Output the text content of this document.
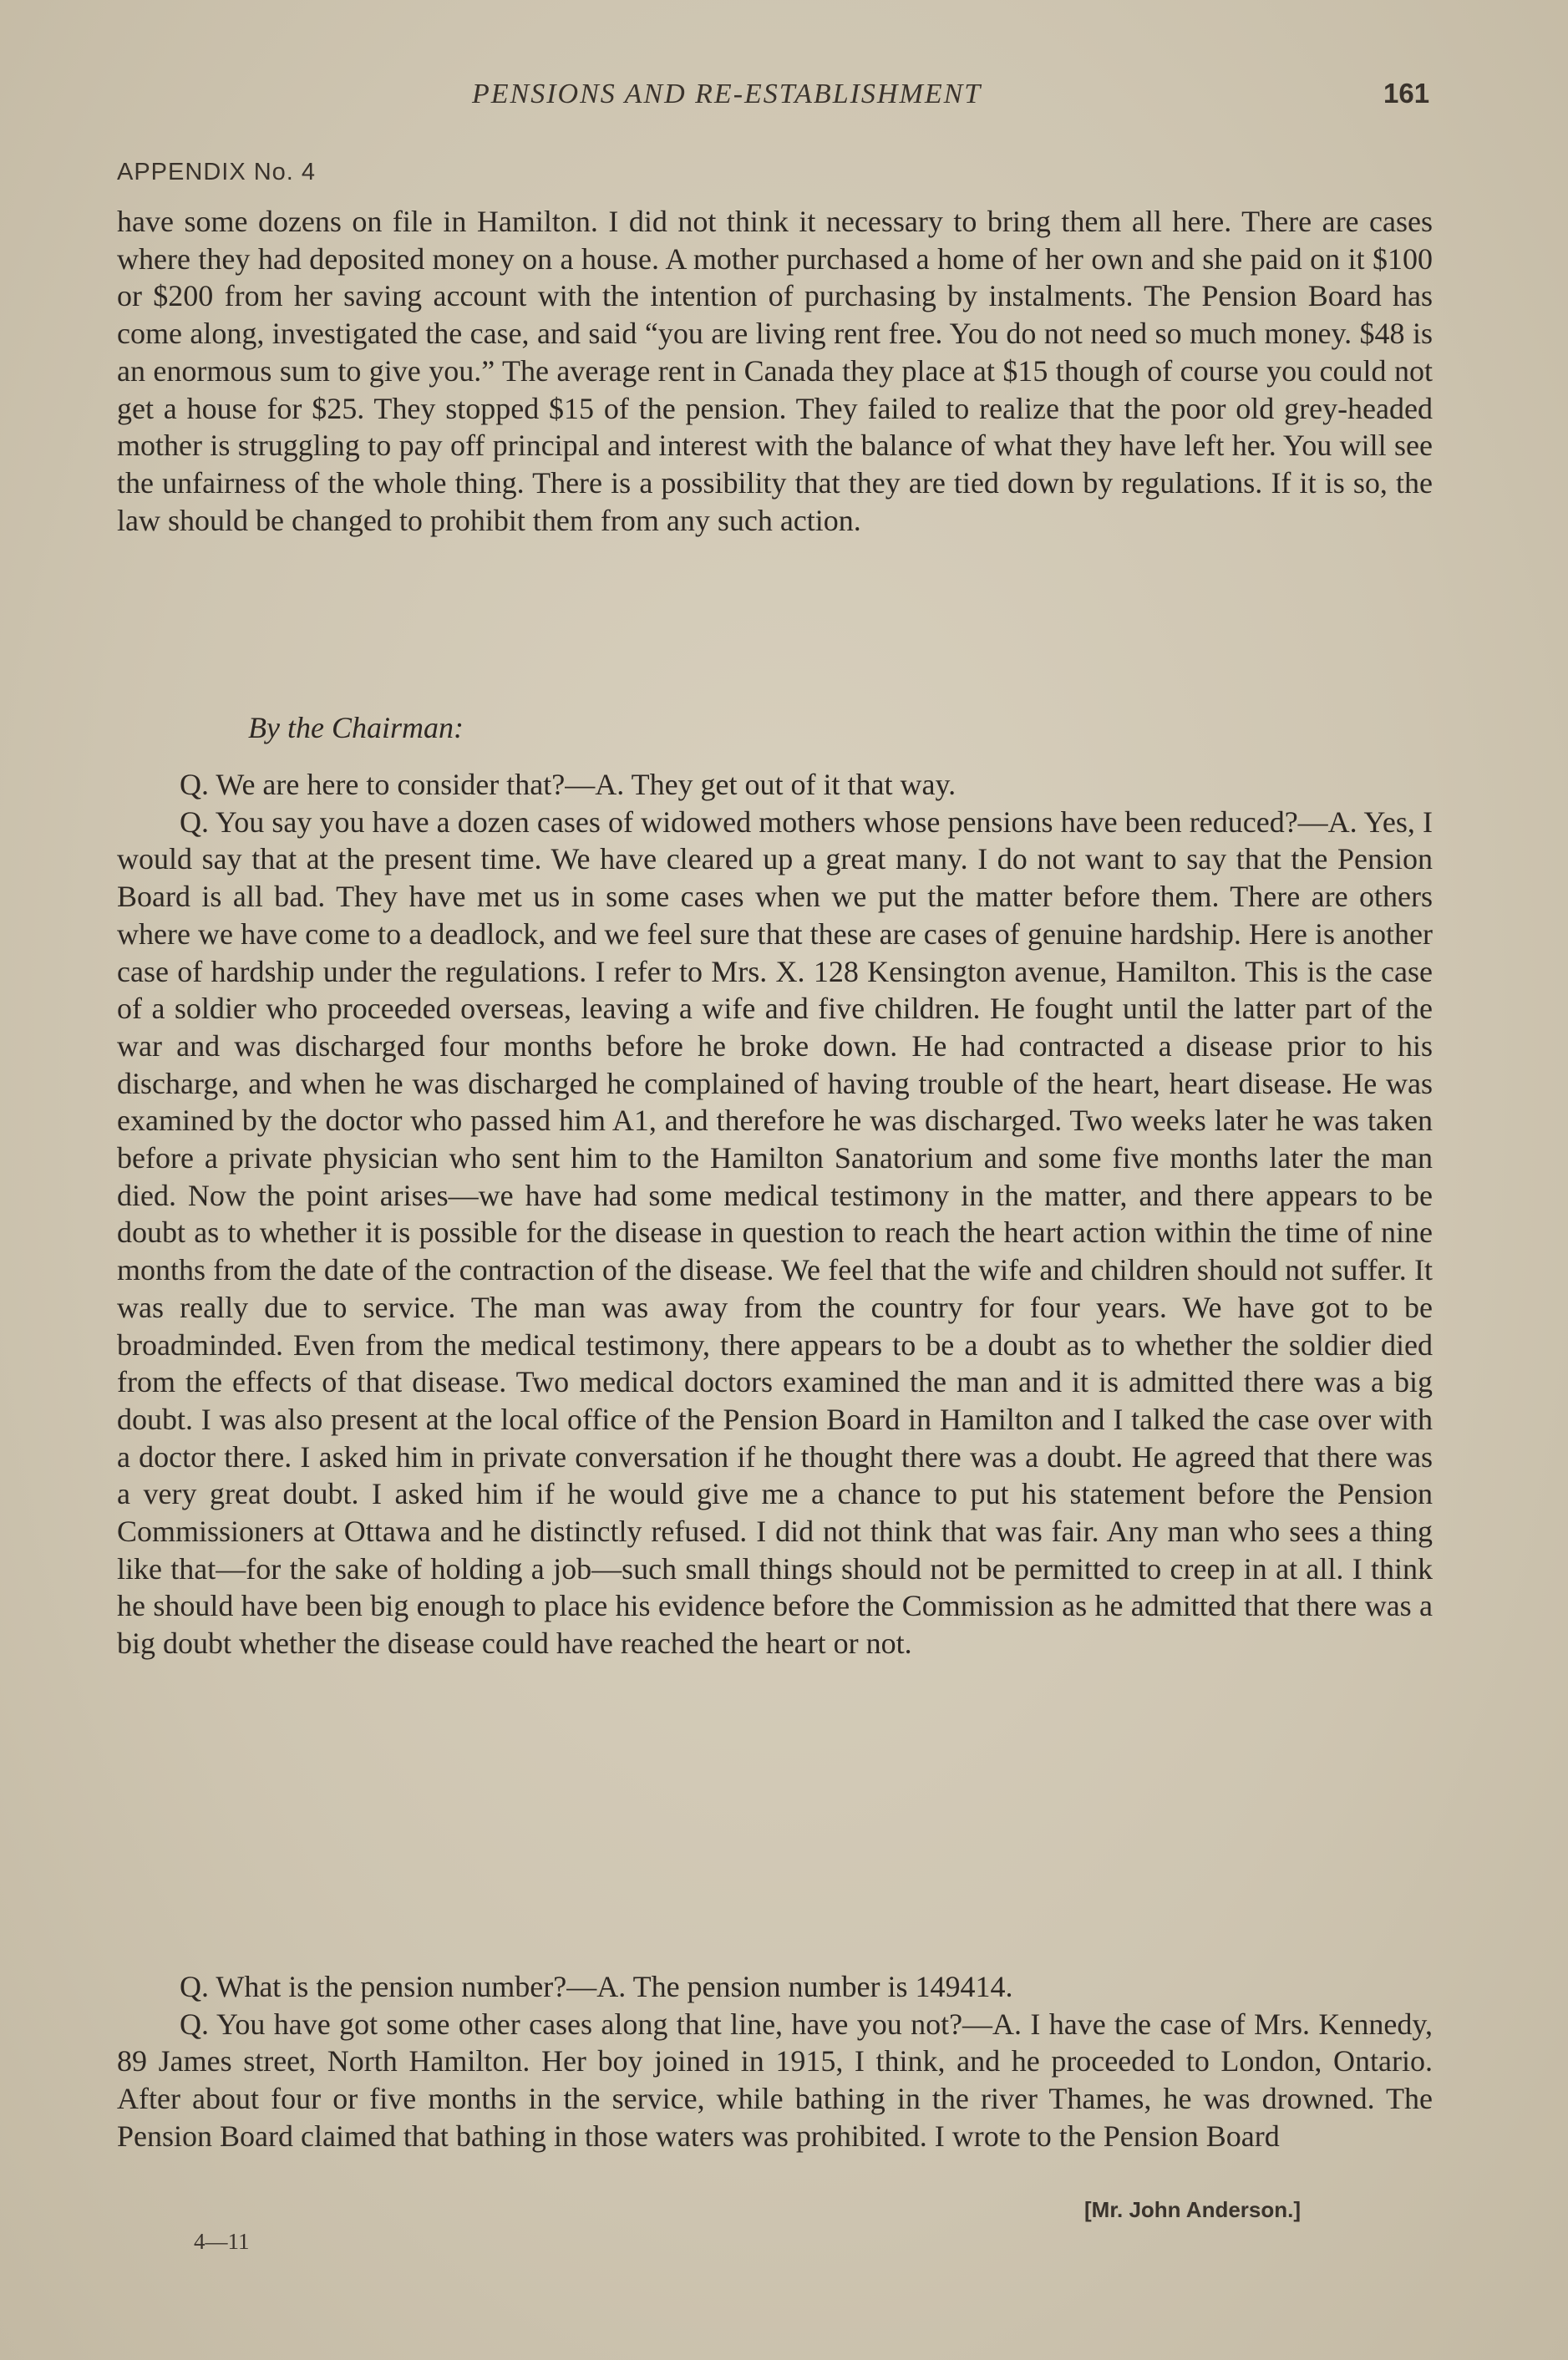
PENSIONS AND RE-ESTABLISHMENT	161
APPENDIX No. 4

have some dozens on file in Hamilton. I did not think it necessary to bring them all here. There are cases where they had deposited money on a house. A mother purchased a home of her own and she paid on it $100 or $200 from her saving account with the intention of purchasing by instalments. The Pension Board has come along, investigated the case, and said “you are living rent free. You do not need so much money. $48 is an enormous sum to give you.” The average rent in Canada they place at $15 though of course you could not get a house for $25. They stopped $15 of the pension. They failed to realize that the poor old grey-headed mother is struggling to pay off principal and interest with the balance of what they have left her. You will see the unfairness of the whole thing. There is a possibility that they are tied down by regulations. If it is so, the law should be changed to prohibit them from any such action.

By the Chairman:

Q. We are here to consider that?—A. They get out of it that way.

Q. You say you have a dozen cases of widowed mothers whose pensions have been reduced?—A. Yes, I would say that at the present time. We have cleared up a great many. I do not want to say that the Pension Board is all bad. They have met us in some cases when we put the matter before them. There are others where we have come to a deadlock, and we feel sure that these are cases of genuine hardship. Here is another case of hardship under the regulations. I refer to Mrs. X. 128 Kensington avenue, Hamilton. This is the case of a soldier who proceeded overseas, leaving a wife and five children. He fought until the latter part of the war and was discharged four months before he broke down. He had contracted a disease prior to his discharge, and when he was discharged he complained of having trouble of the heart, heart disease. He was examined by the doctor who passed him A1, and therefore he was discharged. Two weeks later he was taken before a private physician who sent him to the Hamilton Sanatorium and some five months later the man died. Now the point arises—we have had some medical testimony in the matter, and there appears to be doubt as to whether it is possible for the disease in question to reach the heart action within the time of nine months from the date of the contraction of the disease. We feel that the wife and children should not suffer. It was really due to service. The man was away from the country for four years. We have got to be broadminded. Even from the medical testimony, there appears to be a doubt as to whether the soldier died from the effects of that disease. Two medical doctors examined the man and it is admitted there was a big doubt. I was also present at the local office of the Pension Board in Hamilton and I talked the case over with a doctor there. I asked him in private conversation if he thought there was a doubt. He agreed that there was a very great doubt. I asked him if he would give me a chance to put his statement before the Pension Commissioners at Ottawa and he distinctly refused. I did not think that was fair. Any man who sees a thing like that—for the sake of holding a job—such small things should not be permitted to creep in at all. I think he should have been big enough to place his evidence before the Commission as he admitted that there was a big doubt whether the disease could have reached the heart or not.

Q. What is the pension number?—A. The pension number is 149414.

Q. You have got some other cases along that line, have you not?—A. I have the case of Mrs. Kennedy, 89 James street, North Hamilton. Her boy joined in 1915, I think, and he proceeded to London, Ontario. After about four or five months in the service, while bathing in the river Thames, he was drowned. The Pension Board claimed that bathing in those waters was prohibited. I wrote to the Pension Board

[Mr. John Anderson.]
4—11
